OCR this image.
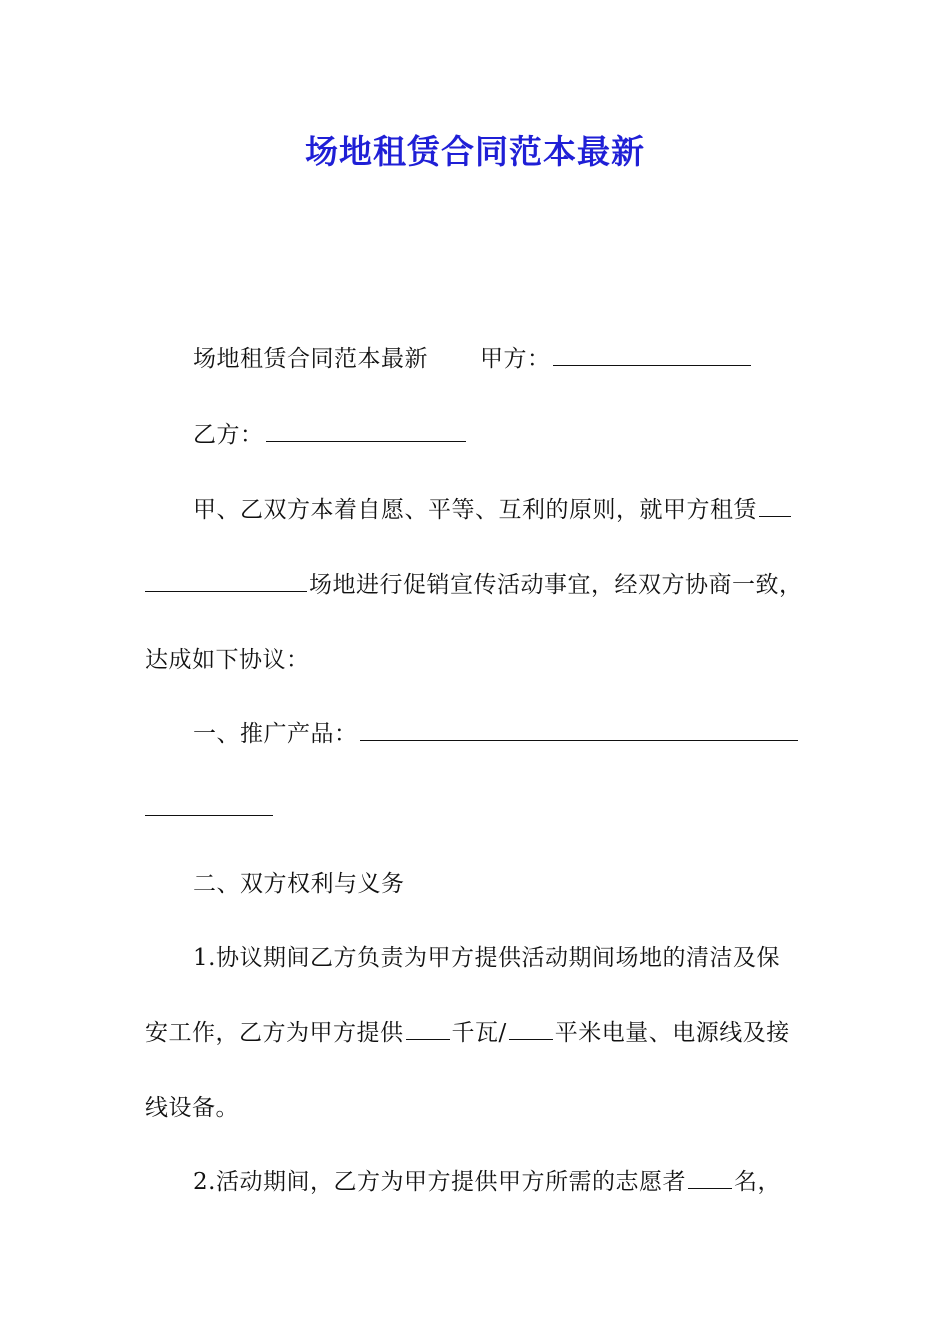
场地租赁合同范本最新
场地租赁合同范本最新 甲方：
乙方：
甲、乙双方本着自愿、平等、互利的原则，就甲方租赁
场地进行促销宣传活动事宜，经双方协商一致，
达成如下协议：
一、推广产品：
二、双方权利与义务
1.协议期间乙方负责为甲方提供活动期间场地的清洁及保
安工作，乙方为甲方提供 千瓦/ 平米电量、电源线及接
线设备。
2.活动期间，乙方为甲方提供甲方所需的志愿者 名，
